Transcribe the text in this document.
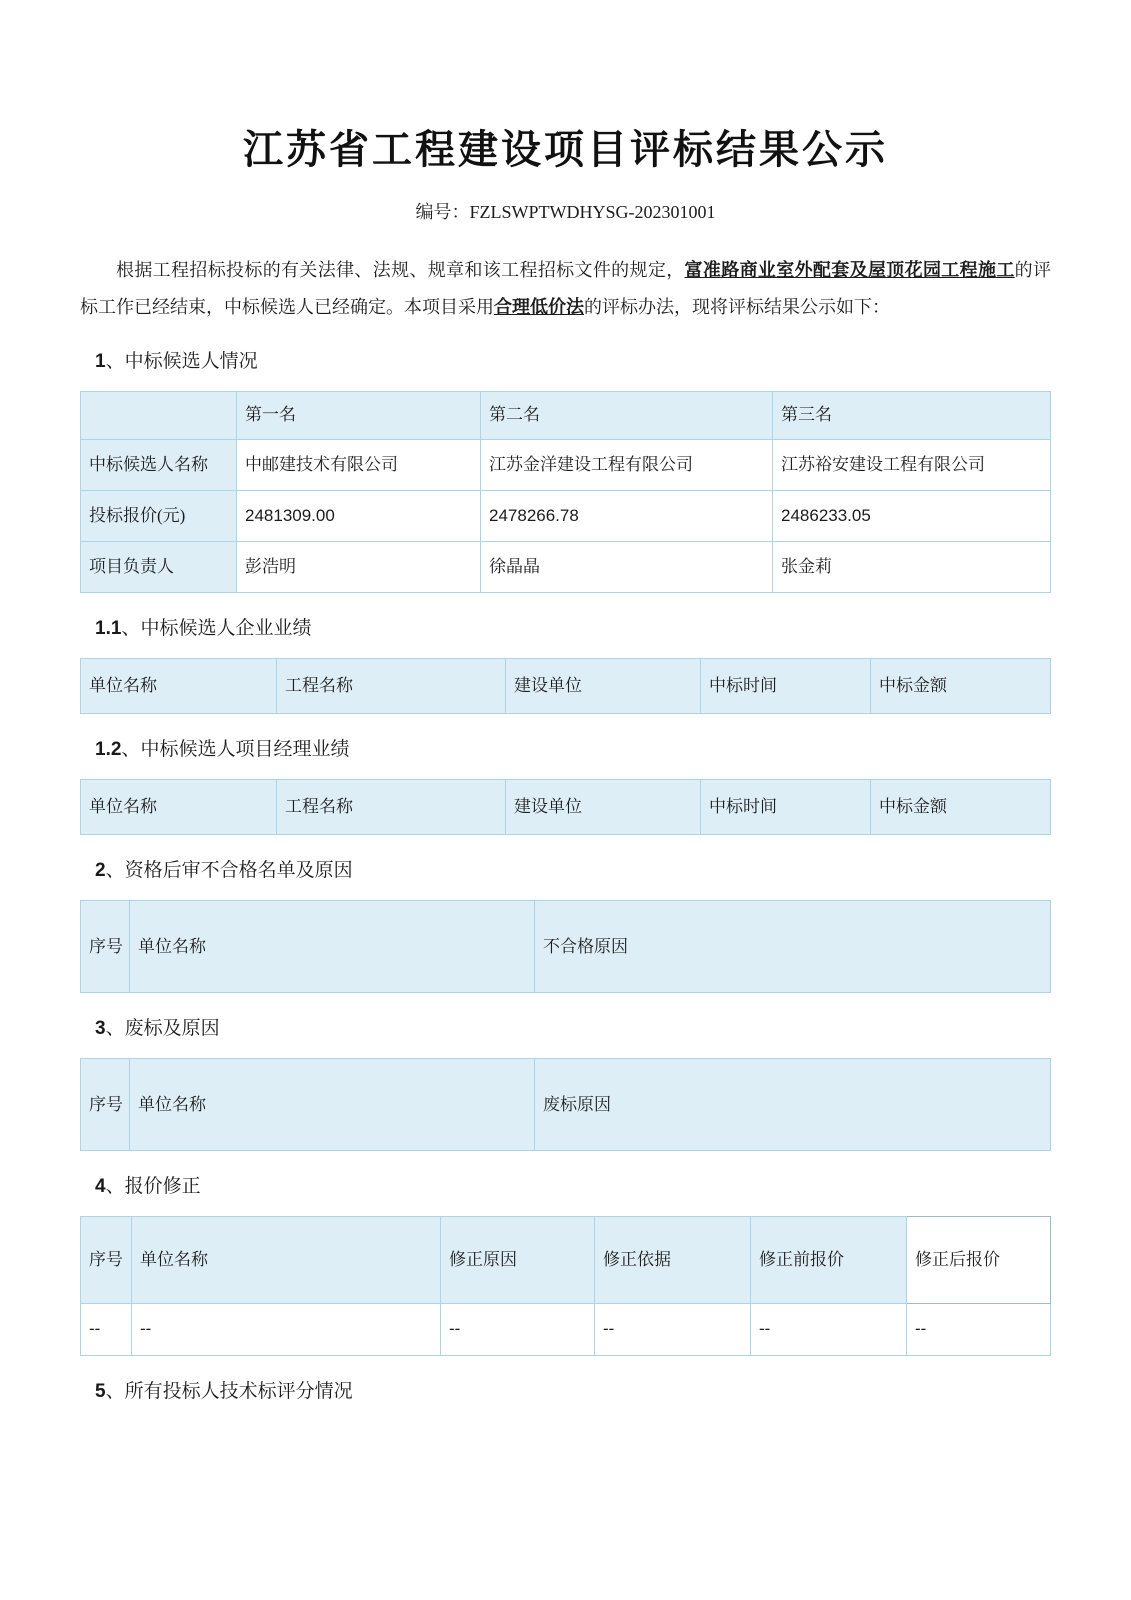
江苏省工程建设项目评标结果公示
编号：FZLSWPTWDHYSG-202301001

根据工程招标投标的有关法律、法规、规章和该工程招标文件的规定，富准路商业室外配套及屋顶花园工程施工的评标工作已经结束，中标候选人已经确定。本项目采用合理低价法的评标办法，现将评标结果公示如下：

1、中标候选人情况
	第一名	第二名	第三名
中标候选人名称	中邮建技术有限公司	江苏金洋建设工程有限公司	江苏裕安建设工程有限公司
投标报价(元)	2481309.00	2478266.78	2486233.05
项目负责人	彭浩明	徐晶晶	张金莉
1.1、中标候选人企业业绩
单位名称	工程名称	建设单位	中标时间	中标金额
1.2、中标候选人项目经理业绩
单位名称	工程名称	建设单位	中标时间	中标金额
2、资格后审不合格名单及原因
序号	单位名称	不合格原因
3、废标及原因
序号	单位名称	废标原因
4、报价修正
序号	单位名称	修正原因	修正依据	修正前报价	修正后报价
--	--	--	--	--	--
5、所有投标人技术标评分情况
